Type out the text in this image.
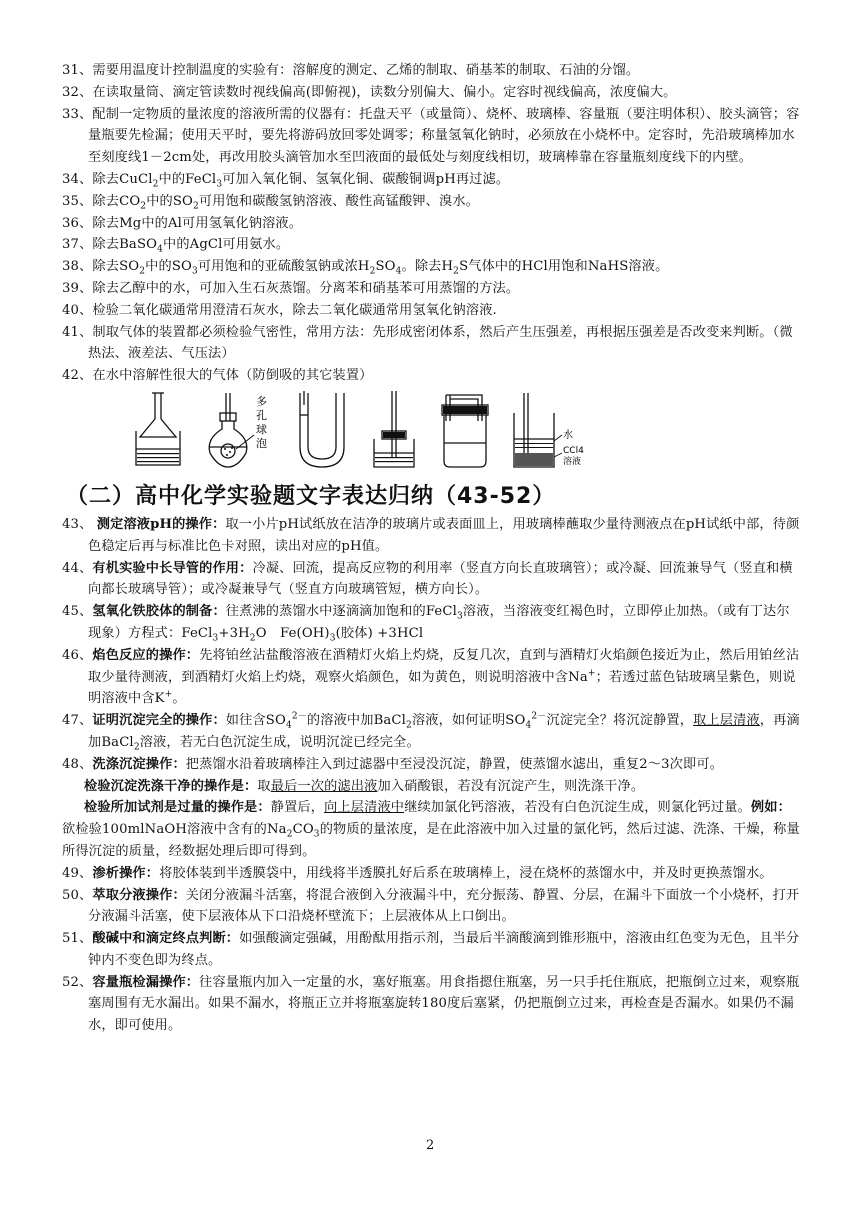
31、需要用温度计控制温度的实验有：溶解度的测定、乙烯的制取、硝基苯的制取、石油的分馏。

32、在读取量筒、滴定管读数时视线偏高(即俯视)，读数分别偏大、偏小。定容时视线偏高，浓度偏大。

33、配制一定物质的量浓度的溶液所需的仪器有：托盘天平（或量筒）、烧杯、玻璃棒、容量瓶（要注明体积）、胶头滴管；容量瓶要先检漏；使用天平时，要先将游码放回零处调零；称量氢氧化钠时，必须放在小烧杯中。定容时，先沿玻璃棒加水至刻度线1－2cm处，再改用胶头滴管加水至凹液面的最低处与刻度线相切，玻璃棒靠在容量瓶刻度线下的内壁。

34、除去CuCl$_2$中的FeCl$_3$可加入氧化铜、氢氧化铜、碳酸铜调pH再过滤。

35、除去$CO_2$中的$SO_2$可用饱和碳酸氢钠溶液、酸性高锰酸钾、溴水。

36、除去Mg中的Al可用氢氧化钠溶液。

37、除去BaSO$_4$中的AgCl可用氨水。

38、除去$SO_2$中的$SO_3$可用饱和的亚硫酸氢钠或浓$H_2SO_4$。除去$H_2S$气体中的HCl用饱和NaHS溶液。

39、除去乙醇中的水，可加入生石灰蒸馏。分离苯和硝基苯可用蒸馏的方法。

40、检验二氧化碳通常用澄清石灰水，除去二氧化碳通常用氢氧化钠溶液.

41、制取气体的装置都必须检验气密性，常用方法：先形成密闭体系，然后产生压强差，再根据压强差是否改变来判断。（微热法、液差法、气压法）

42、在水中溶解性很大的气体（防倒吸的其它装置）

多
孔
球
泡
水
CCl4
溶液
（二）高中化学实验题文字表达归纳（43-52）

43、 测定溶液pH的操作：取一小片pH试纸放在洁净的玻璃片或表面皿上，用玻璃棒蘸取少量待测液点在pH试纸中部，待颜色稳定后再与标准比色卡对照，读出对应的pH值。

44、有机实验中长导管的作用：冷凝、回流，提高反应物的利用率（竖直方向长直玻璃管）；或冷凝、回流兼导气（竖直和横向都长玻璃导管）；或冷凝兼导气（竖直方向玻璃管短，横方向长）。

45、氢氧化铁胶体的制备：往煮沸的蒸馏水中逐滴滴加饱和的FeCl$_3$溶液，当溶液变红褐色时，立即停止加热。（或有丁达尔现象）方程式：$FeCl_3+3H_2O$　$Fe(OH)_3$(胶体) +3HCl

46、焰色反应的操作：先将铂丝沾盐酸溶液在酒精灯火焰上灼烧，反复几次，直到与酒精灯火焰颜色接近为止，然后用铂丝沾取少量待测液，到酒精灯火焰上灼烧，观察火焰颜色，如为黄色，则说明溶液中含Na+；若透过蓝色钴玻璃呈紫色，则说明溶液中含K+。

47、证明沉淀完全的操作：如往含$SO_4^{2-}$的溶液中加BaCl$_2$溶液，如何证明$SO_4^{2-}$沉淀完全？将沉淀静置，取上层清液，再滴加BaCl$_2$溶液，若无白色沉淀生成，说明沉淀已经完全。

48、洗涤沉淀操作：把蒸馏水沿着玻璃棒注入到过滤器中至浸没沉淀，静置，使蒸馏水滤出，重复2～3次即可。

检验沉淀洗涤干净的操作是：取最后一次的滤出液加入硝酸银，若没有沉淀产生，则洗涤干净。

检验所加试剂是过量的操作是：静置后，向上层清液中继续加氯化钙溶液，若没有白色沉淀生成，则氯化钙过量。例如：欲检验100mlNaOH溶液中含有的$Na_2CO_3$的物质的量浓度，是在此溶液中加入过量的氯化钙，然后过滤、洗涤、干燥，称量所得沉淀的质量，经数据处理后即可得到。

49、渗析操作：将胶体装到半透膜袋中，用线将半透膜扎好后系在玻璃棒上，浸在烧杯的蒸馏水中，并及时更换蒸馏水。

50、萃取分液操作：关闭分液漏斗活塞，将混合液倒入分液漏斗中，充分振荡、静置、分层，在漏斗下面放一个小烧杯，打开分液漏斗活塞，使下层液体从下口沿烧杯壁流下；上层液体从上口倒出。

51、酸碱中和滴定终点判断：如强酸滴定强碱，用酚酞用指示剂，当最后半滴酸滴到锥形瓶中，溶液由红色变为无色，且半分钟内不变色即为终点。

52、容量瓶检漏操作：往容量瓶内加入一定量的水，塞好瓶塞。用食指摁住瓶塞，另一只手托住瓶底，把瓶倒立过来，观察瓶塞周围有无水漏出。如果不漏水，将瓶正立并将瓶塞旋转180度后塞紧，仍把瓶倒立过来，再检查是否漏水。如果仍不漏水，即可使用。

2
